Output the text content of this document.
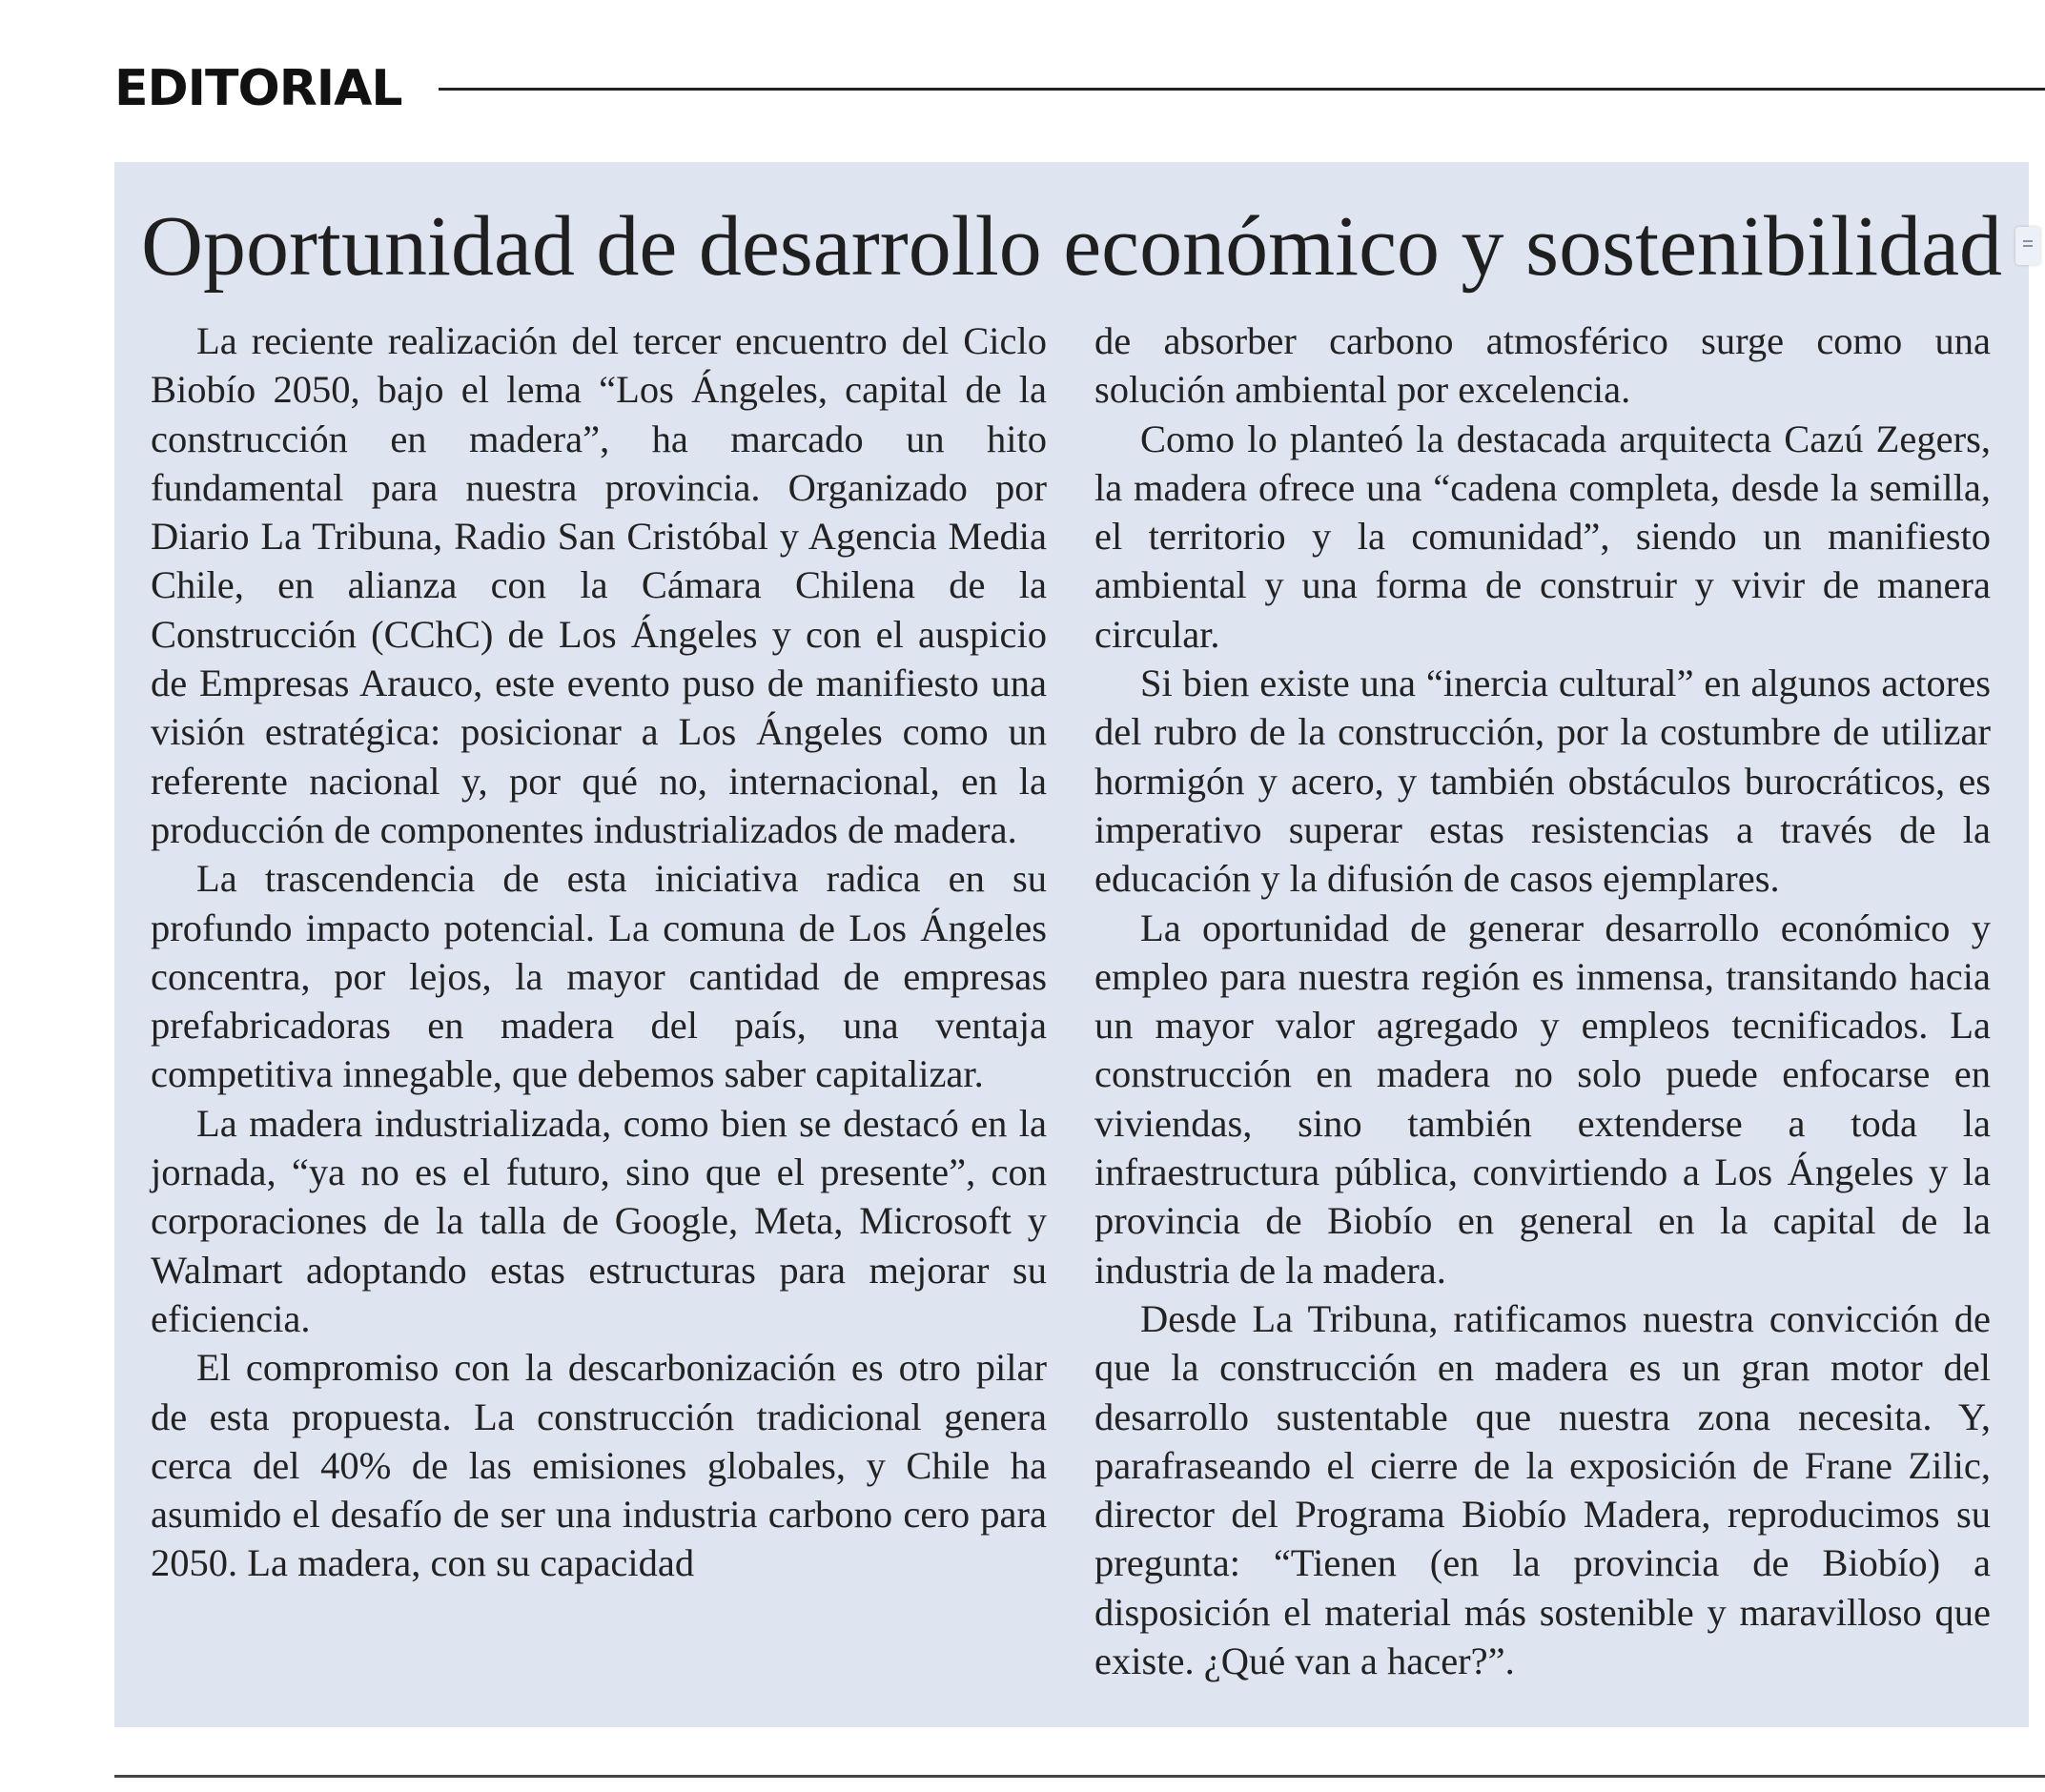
EDITORIAL
Oportunidad de desarrollo económico y sostenibilidad

La reciente realización del tercer encuentro del Ciclo Biobío 2050, bajo el lema “Los Ángeles, capital de la construcción en madera”, ha marcado un hito fundamental para nuestra provincia. Organizado por Diario La Tribuna, Radio San Cristóbal y Agencia Media Chile, en alianza con la Cámara Chilena de la Construcción (CChC) de Los Ángeles y con el auspicio de Empresas Arauco, este evento puso de manifiesto una visión estratégica: posicionar a Los Ángeles como un referente nacional y, por qué no, internacional, en la producción de componentes industrializados de madera.

La trascendencia de esta iniciativa radica en su profundo impacto potencial. La comuna de Los Ángeles concentra, por lejos, la mayor cantidad de empresas prefabricadoras en madera del país, una ventaja competitiva innegable, que debemos saber capitalizar.

La madera industrializada, como bien se destacó en la jornada, “ya no es el futuro, sino que el presente”, con corporaciones de la talla de Google, Meta, Microsoft y Walmart adoptando estas estructuras para mejorar su eficiencia.

El compromiso con la descarbonización es otro pilar de esta propuesta. La construcción tradicional genera cerca del 40% de las emisiones globales, y Chile ha asumido el desafío de ser una industria carbono cero para 2050. La madera, con su capacidad

de absorber carbono atmosférico surge como una solución ambiental por excelencia.

Como lo planteó la destacada arquitecta Cazú Zegers, la madera ofrece una “cadena completa, desde la semilla, el territorio y la comunidad”, siendo un manifiesto ambiental y una forma de construir y vivir de manera circular.

Si bien existe una “inercia cultural” en algunos actores del rubro de la construcción, por la costumbre de utilizar hormigón y acero, y también obstáculos burocráticos, es imperativo superar estas resistencias a través de la educación y la difusión de casos ejemplares.

La oportunidad de generar desarrollo económico y empleo para nuestra región es inmensa, transitando hacia un mayor valor agregado y empleos tecnificados. La construcción en madera no solo puede enfocarse en viviendas, sino también extenderse a toda la infraestructura pública, convirtiendo a Los Ángeles y la provincia de Biobío en general en la capital de la industria de la madera.

Desde La Tribuna, ratificamos nuestra convicción de que la construcción en madera es un gran motor del desarrollo sustentable que nuestra zona necesita. Y, parafraseando el cierre de la exposición de Frane Zilic, director del Programa Biobío Madera, reproducimos su pregunta: “Tienen (en la provincia de Biobío) a disposición el material más sostenible y maravilloso que existe. ¿Qué van a hacer?”.
